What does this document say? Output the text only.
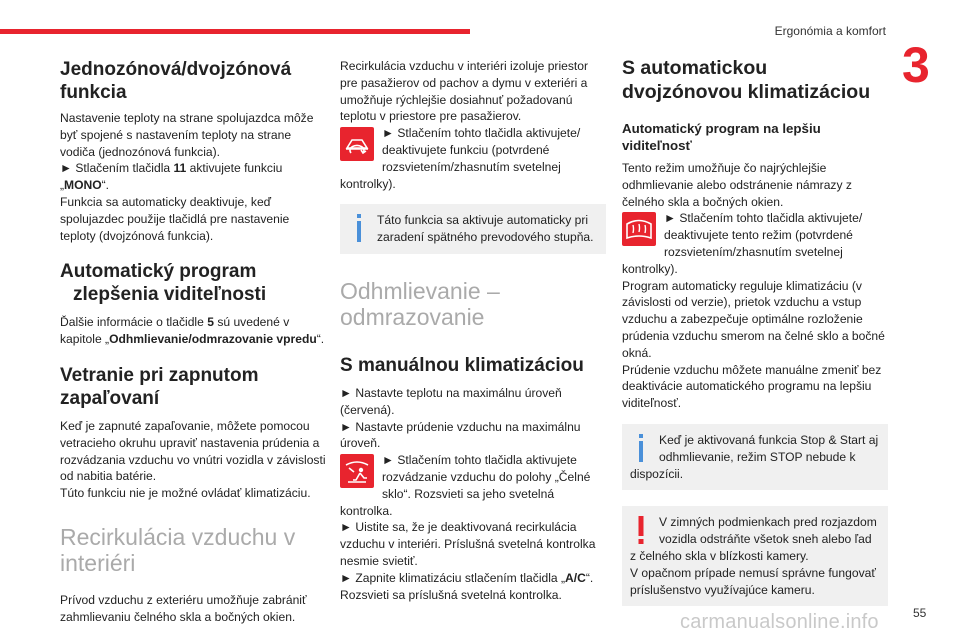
Ergonómia a komfort
3
Jednozónová/dvojzónová funkcia

Nastavenie teploty na strane spolujazdca môže byť spojené s nastavením teploty na strane vodiča (jednozónová funkcia).

► Stlačením tlačidla 11 aktivujete funkciu

„MONO“.

Funkcia sa automaticky deaktivuje, keď spolujazdec použije tlačidlá pre nastavenie teploty (dvojzónová funkcia).

Automatický program zlepšenia viditeľnosti

Ďalšie informácie o tlačidle 5 sú uvedené v kapitole „Odhmlievanie/odmrazovanie vpredu“.

Vetranie pri zapnutom zapaľovaní

Keď je zapnuté zapaľovanie, môžete pomocou vetracieho okruhu upraviť nastavenia prúdenia a rozvádzania vzduchu vo vnútri vozidla v závislosti od nabitia batérie.

Túto funkciu nie je možné ovládať klimatizáciu.

Recirkulácia vzduchu v interiéri

Prívod vzduchu z exteriéru umožňuje zabrániť zahmlievaniu čelného skla a bočných okien.

Recirkulácia vzduchu v interiéri izoluje priestor pre pasažierov od pachov a dymu v exteriéri a umožňuje rýchlejšie dosiahnuť požadovanú teplotu v priestore pre pasažierov.

► Stlačením tohto tlačidla aktivujete/ deaktivujete funkciu (potvrdené rozsvietením/zhasnutím svetelnej kontrolky).

Táto funkcia sa aktivuje automaticky pri zaradení spätného prevodového stupňa.

Odhmlievanie – odmrazovanie
S manuálnou klimatizáciou

► Nastavte teplotu na maximálnu úroveň (červená).

► Nastavte prúdenie vzduchu na maximálnu úroveň.

► Stlačením tohto tlačidla aktivujete rozvádzanie vzduchu do polohy „Čelné sklo“. Rozsvieti sa jeho svetelná kontrolka.

► Uistite sa, že je deaktivovaná recirkulácia vzduchu v interiéri. Príslušná svetelná kontrolka nesmie svietiť.

► Zapnite klimatizáciu stlačením tlačidla „A/C“. Rozsvieti sa príslušná svetelná kontrolka.

S automatickou dvojzónovou klimatizáciou
Automatický program na lepšiu viditeľnosť

Tento režim umožňuje čo najrýchlejšie odhmlievanie alebo odstránenie námrazy z čelného skla a bočných okien.

► Stlačením tohto tlačidla aktivujete/ deaktivujete tento režim (potvrdené rozsvietením/zhasnutím svetelnej kontrolky).

Program automaticky reguluje klimatizáciu (v závislosti od verzie), prietok vzduchu a vstup vzduchu a zabezpečuje optimálne rozloženie prúdenia vzduchu smerom na čelné sklo a bočné okná.

Prúdenie vzduchu môžete manuálne zmeniť bez deaktivácie automatického programu na lepšiu viditeľnosť.

Keď je aktivovaná funkcia Stop & Start aj odhmlievanie, režim STOP nebude k dispozícii.

V zimných podmienkach pred rozjazdom vozidla odstráňte všetok sneh alebo ľad z čelného skla v blízkosti kamery.

V opačnom prípade nemusí správne fungovať príslušenstvo využívajúce kameru.

carmanualsonline.info	55
